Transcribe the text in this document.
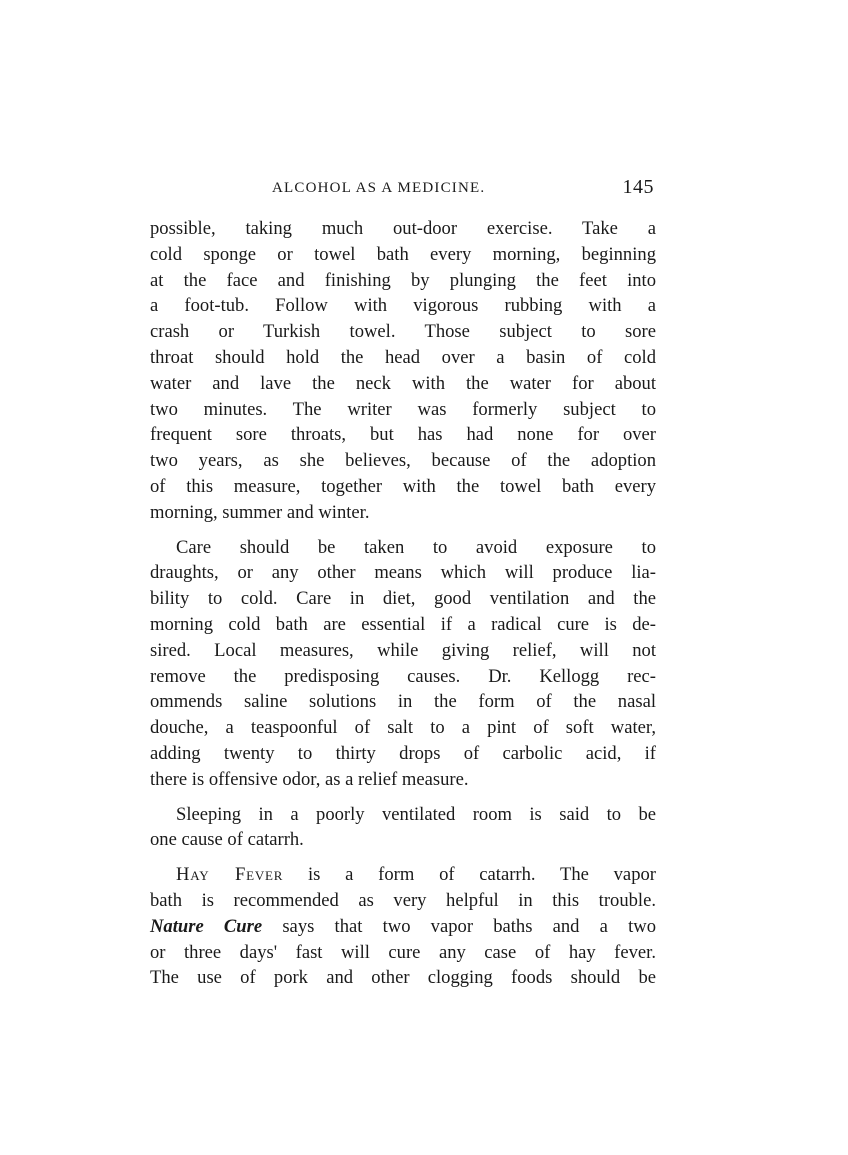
ALCOHOL AS A MEDICINE.	145

possible, taking much out-door exercise. Take a
cold sponge or towel bath every morning, beginning
at the face and finishing by plunging the feet into
a foot-tub. Follow with vigorous rubbing with a
crash or Turkish towel. Those subject to sore
throat should hold the head over a basin of cold
water and lave the neck with the water for about
two minutes. The writer was formerly subject to
frequent sore throats, but has had none for over
two years, as she believes, because of the adoption
of this measure, together with the towel bath every
morning, summer and winter.

Care should be taken to avoid exposure to
draughts, or any other means which will produce lia-
bility to cold. Care in diet, good ventilation and the
morning cold bath are essential if a radical cure is de-
sired. Local measures, while giving relief, will not
remove the predisposing causes. Dr. Kellogg rec-
ommends saline solutions in the form of the nasal
douche, a teaspoonful of salt to a pint of soft water,
adding twenty to thirty drops of carbolic acid, if
there is offensive odor, as a relief measure.

Sleeping in a poorly ventilated room is said to be
one cause of catarrh.

Hay Fever is a form of catarrh. The vapor
bath is recommended as very helpful in this trouble.
Nature Cure says that two vapor baths and a two
or three days' fast will cure any case of hay fever.
The use of pork and other clogging foods should be
